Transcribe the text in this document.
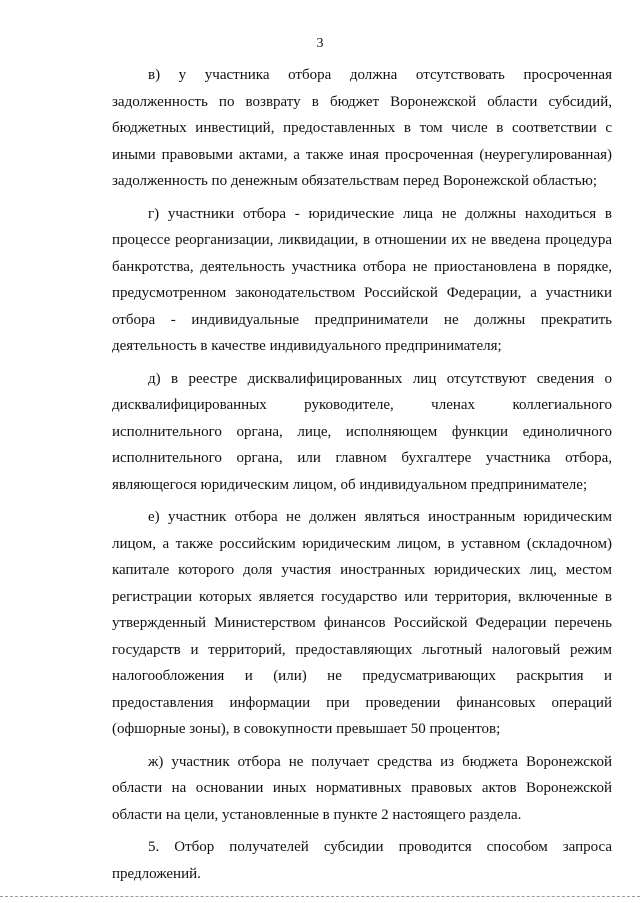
3

в) у участника отбора должна отсутствовать просроченная задолженность по возврату в бюджет Воронежской области субсидий, бюджетных инвестиций, предоставленных в том числе в соответствии с иными правовыми актами, а также иная просроченная (неурегулированная) задолженность по денежным обязательствам перед Воронежской областью;

г) участники отбора - юридические лица не должны находиться в процессе реорганизации, ликвидации, в отношении их не введена процедура банкротства, деятельность участника отбора не приостановлена в порядке, предусмотренном законодательством Российской Федерации, а участники отбора - индивидуальные предприниматели не должны прекратить деятельность в качестве индивидуального предпринимателя;

д) в реестре дисквалифицированных лиц отсутствуют сведения о дисквалифицированных руководителе, членах коллегиального исполнительного органа, лице, исполняющем функции единоличного исполнительного органа, или главном бухгалтере участника отбора, являющегося юридическим лицом, об индивидуальном предпринимателе;

е) участник отбора не должен являться иностранным юридическим лицом, а также российским юридическим лицом, в уставном (складочном) капитале которого доля участия иностранных юридических лиц, местом регистрации которых является государство или территория, включенные в утвержденный Министерством финансов Российской Федерации перечень государств и территорий, предоставляющих льготный налоговый режим налогообложения и (или) не предусматривающих раскрытия и предоставления информации при проведении финансовых операций (офшорные зоны), в совокупности превышает 50 процентов;

ж) участник отбора не получает средства из бюджета Воронежской области на основании иных нормативных правовых актов Воронежской области на цели, установленные в пункте 2 настоящего раздела.

5. Отбор получателей субсидии проводится способом запроса предложений.
